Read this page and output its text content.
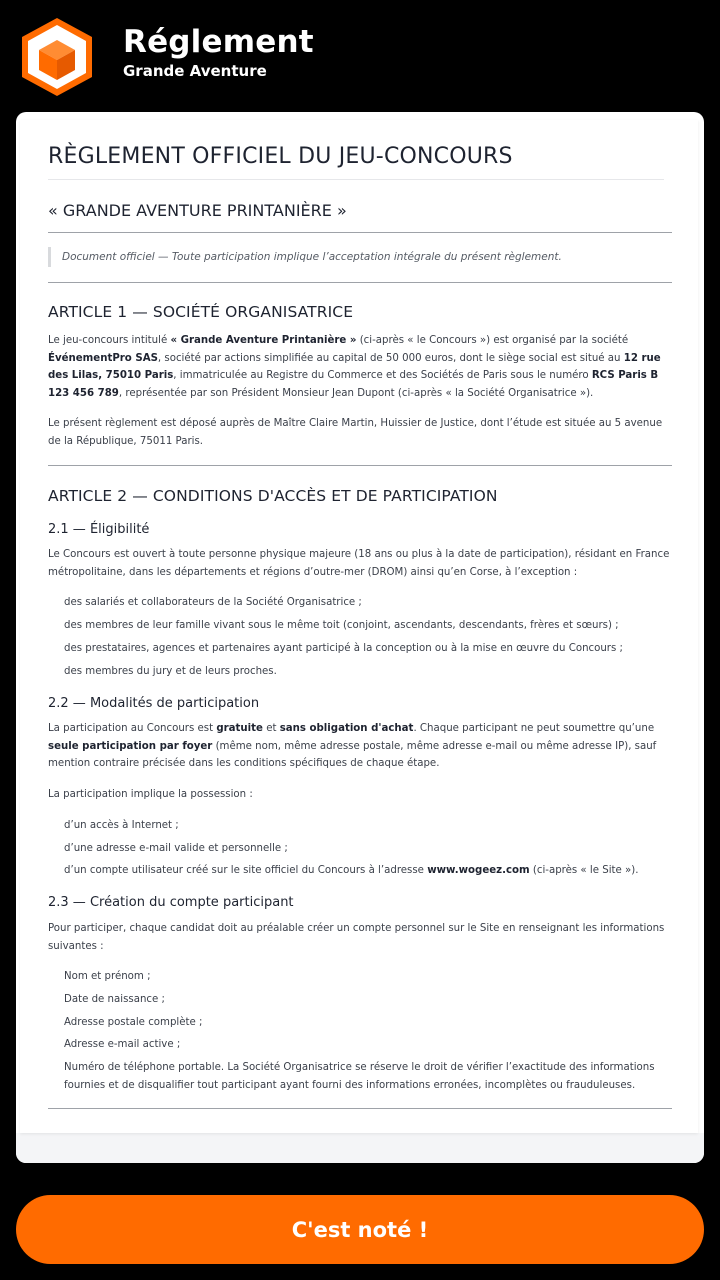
Réglement
Grande Aventure
RÈGLEMENT OFFICIEL DU JEU-CONCOURS
« GRANDE AVENTURE PRINTANIÈRE »
Document officiel — Toute participation implique l’acceptation intégrale du présent règlement.
ARTICLE 1 — SOCIÉTÉ ORGANISATRICE
Le jeu-concours intitulé « Grande Aventure Printanière » (ci-après « le Concours ») est organisé par la société ÉvénementPro SAS, société par actions simplifiée au capital de 50 000 euros, dont le siège social est situé au 12 rue des Lilas, 75010 Paris, immatriculée au Registre du Commerce et des Sociétés de Paris sous le numéro RCS Paris B 123 456 789, représentée par son Président Monsieur Jean Dupont (ci-après « la Société Organisatrice »).
Le présent règlement est déposé auprès de Maître Claire Martin, Huissier de Justice, dont l’étude est située au 5 avenue de la République, 75011 Paris.
ARTICLE 2 — CONDITIONS D'ACCÈS ET DE PARTICIPATION
2.1 — Éligibilité
Le Concours est ouvert à toute personne physique majeure (18 ans ou plus à la date de participation), résidant en France métropolitaine, dans les départements et régions d’outre-mer (DROM) ainsi qu’en Corse, à l’exception :
des salariés et collaborateurs de la Société Organisatrice ;
des membres de leur famille vivant sous le même toit (conjoint, ascendants, descendants, frères et sœurs) ;
des prestataires, agences et partenaires ayant participé à la conception ou à la mise en œuvre du Concours ;
des membres du jury et de leurs proches.
2.2 — Modalités de participation
La participation au Concours est gratuite et sans obligation d'achat. Chaque participant ne peut soumettre qu’une seule participation par foyer (même nom, même adresse postale, même adresse e-mail ou même adresse IP), sauf mention contraire précisée dans les conditions spécifiques de chaque étape.
La participation implique la possession :
d’un accès à Internet ;
d’une adresse e-mail valide et personnelle ;
d’un compte utilisateur créé sur le site officiel du Concours à l’adresse www.wogeez.com (ci-après « le Site »).
2.3 — Création du compte participant
Pour participer, chaque candidat doit au préalable créer un compte personnel sur le Site en renseignant les informations suivantes :
Nom et prénom ;
Date de naissance ;
Adresse postale complète ;
Adresse e-mail active ;
Numéro de téléphone portable. La Société Organisatrice se réserve le droit de vérifier l’exactitude des informations fournies et de disqualifier tout participant ayant fourni des informations erronées, incomplètes ou frauduleuses.
C'est noté !
